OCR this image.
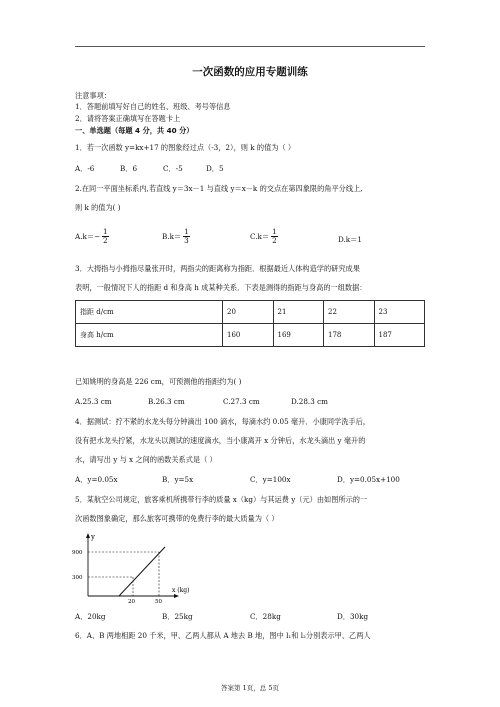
一次函数的应用专题训练
注意事项：
1．答题前填写好自己的姓名、班级、考号等信息
2．请将答案正确填写在答题卡上
一、单选题（每题 4 分，共 40 分）
1．若一次函数 y=kx+17 的图象经过点（-3，2），则 k 的值为（ ）
A．-6	B．6	C．-5	D．5
2.在同一平面坐标系内,若直线 y＝3x－1 与直线 y＝x－k 的交点在第四象限的角平分线上,
则 k 的值为( )
$A.k=- \frac{1}{2}$	$B.k= \frac{1}{3}$	$C.k= \frac{1}{2}$	D.k＝1
3．大拇指与小拇指尽量张开时，两指尖的距离称为指距．根据最近人体构造学的研究成果
表明，一般情况下人的指距 d 和身高 h 成某种关系．下表是测得的指距与身高的一组数据：
指距 d/cm	20	21	22	23
身高 h/cm	160	169	178	187
已知姚明的身高是 226 cm，可预测他的指距约为( )
A.25.3 cm	B.26.3 cm	C.27.3 cm	D.28.3 cm
4．据测试：拧不紧的水龙头每分钟滴出 100 滴水，每滴水约 0.05 毫升．小康同学洗手后，
没有把水龙头拧紧，水龙头以测试的速度滴水，当小康离开 x 分钟后，水龙头滴出 y 毫升的
水，请写出 y 与 x 之间的函数关系式是（ ）
A．y=0.05x	B．y=5x	C．y=100x	D．y=0.05x+100
5．某航空公司规定，旅客乘机所携带行李的质量 x（kg）与其运费 y（元）由如图所示的一
次函数图象确定，那么旅客可携带的免费行李的最大质量为（ ）
y
900
300
20	50
x (kg)
A．20kg	B．25kg	C．28kg	D．30kg
6．A、B 两地相距 20 千米，甲、乙两人都从 A 地去 B 地，图中 l₁和 l₂分别表示甲、乙两人
答案第 1页，总 5页
